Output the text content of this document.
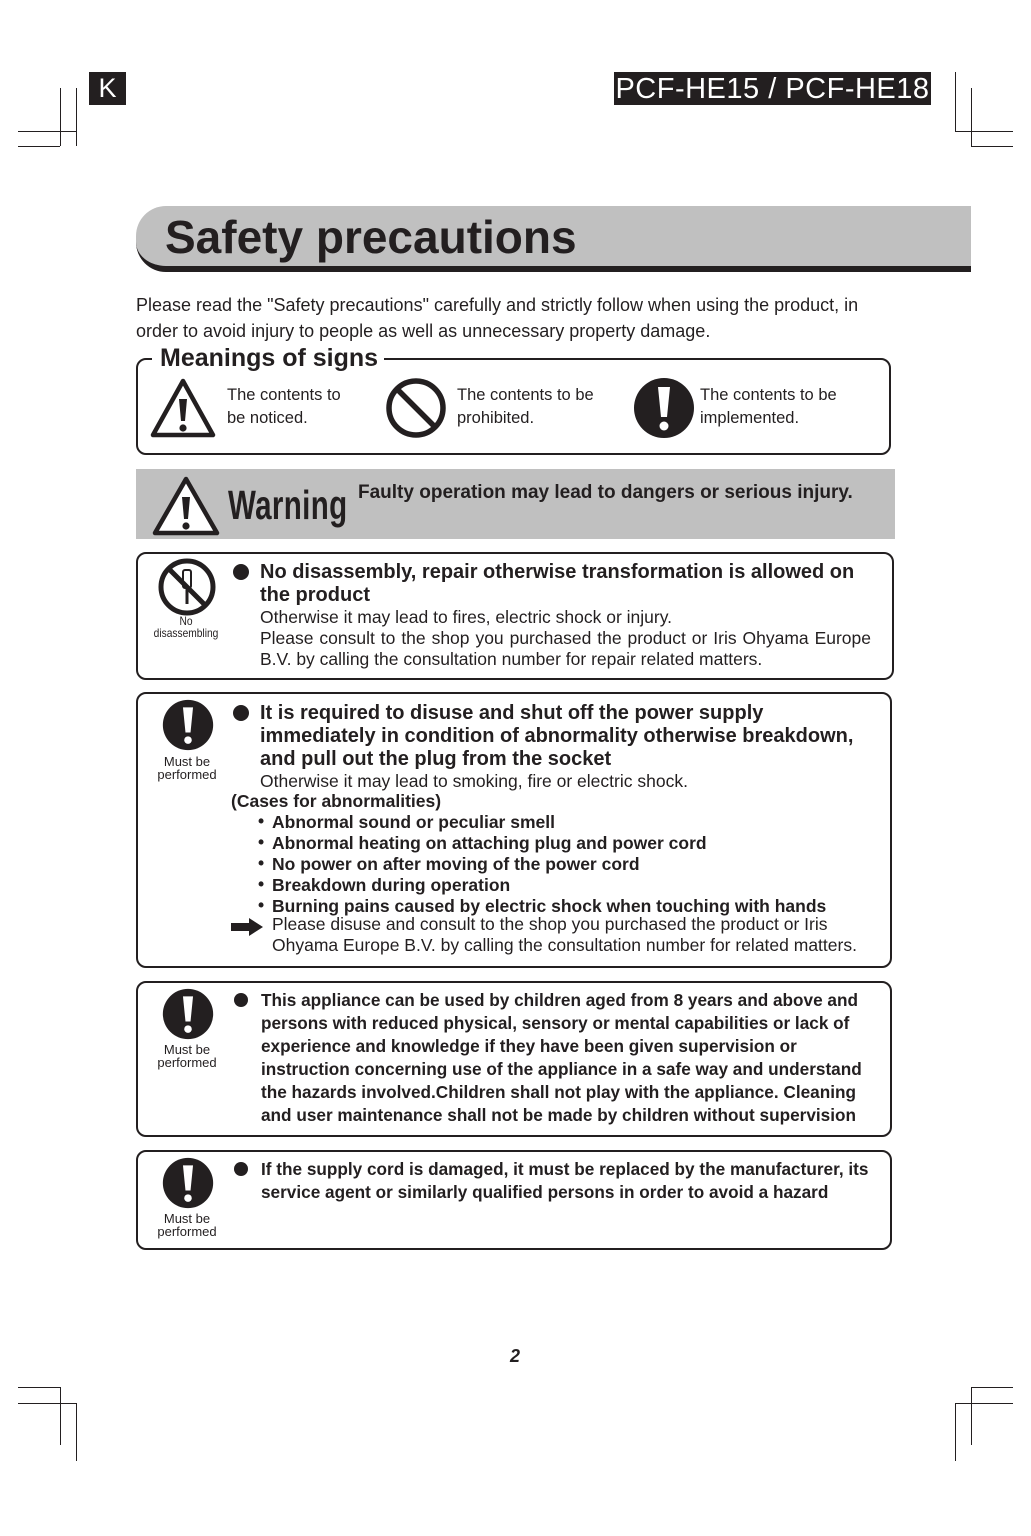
K	PCF-HE15 / PCF-HE18
Safety precautions
Please read the "Safety precautions" carefully and strictly follow when using the product, in order to avoid injury to people as well as unnecessary property damage.
Meanings of signs
The contents to be noticed.
The contents to be prohibited.
The contents to be implemented.
Warning Faulty operation may lead to dangers or serious injury.
No
disassembling
No disassembly, repair otherwise transformation is allowed on the product
Otherwise it may lead to fires, electric shock or injury.
Please consult to the shop you purchased the product or Iris Ohyama Europe B.V. by calling the consultation number for repair related matters.
Must be
performed
It is required to disuse and shut off the power supply immediately in condition of abnormality otherwise breakdown, and pull out the plug from the socket
Otherwise it may lead to smoking, fire or electric shock.
(Cases for abnormalities)
• Abnormal sound or peculiar smell
• Abnormal heating on attaching plug and power cord
• No power on after moving of the power cord
• Breakdown during operation
• Burning pains caused by electric shock when touching with hands
Please disuse and consult to the shop you purchased the product or Iris Ohyama Europe B.V. by calling the consultation number for related matters.
Must be
performed
This appliance can be used by children aged from 8 years and above and persons with reduced physical, sensory or mental capabilities or lack of experience and knowledge if they have been given supervision or instruction concerning use of the appliance in a safe way and understand the hazards involved.Children shall not play with the appliance. Cleaning and user maintenance shall not be made by children without supervision
Must be
performed
If the supply cord is damaged, it must be replaced by the manufacturer, its service agent or similarly qualified persons in order to avoid a hazard
2
